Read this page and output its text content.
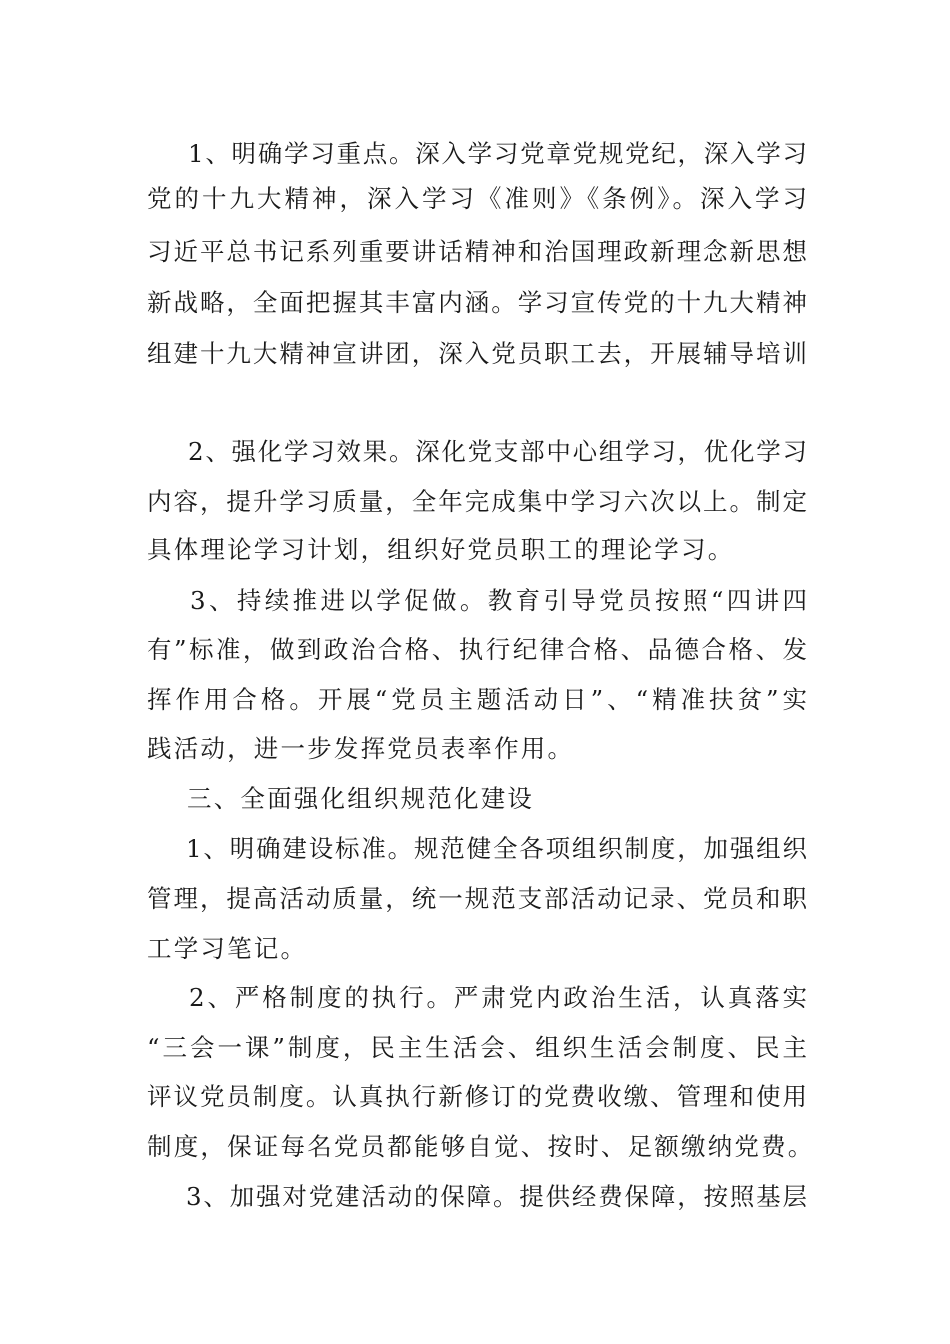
1、明确学习重点。深入学习党章党规党纪，深入学习
党的十九大精神，深入学习《准则》《条例》。深入学习
习近平总书记系列重要讲话精神和治国理政新理念新思想
新战略，全面把握其丰富内涵。学习宣传党的十九大精神
组建十九大精神宣讲团，深入党员职工去，开展辅导培训
2、强化学习效果。深化党支部中心组学习，优化学习
内容，提升学习质量，全年完成集中学习六次以上。制定
具体理论学习计划，组织好党员职工的理论学习。
3、持续推进以学促做。教育引导党员按照“四讲四
有”标准，做到政治合格、执行纪律合格、品德合格、发
挥作用合格。开展“党员主题活动日”、“精准扶贫”实
践活动，进一步发挥党员表率作用。
三、全面强化组织规范化建设
1、明确建设标准。规范健全各项组织制度，加强组织
管理，提高活动质量，统一规范支部活动记录、党员和职
工学习笔记。
2、严格制度的执行。严肃党内政治生活，认真落实
“三会一课”制度，民主生活会、组织生活会制度、民主
评议党员制度。认真执行新修订的党费收缴、管理和使用
制度，保证每名党员都能够自觉、按时、足额缴纳党费。
3、加强对党建活动的保障。提供经费保障，按照基层
